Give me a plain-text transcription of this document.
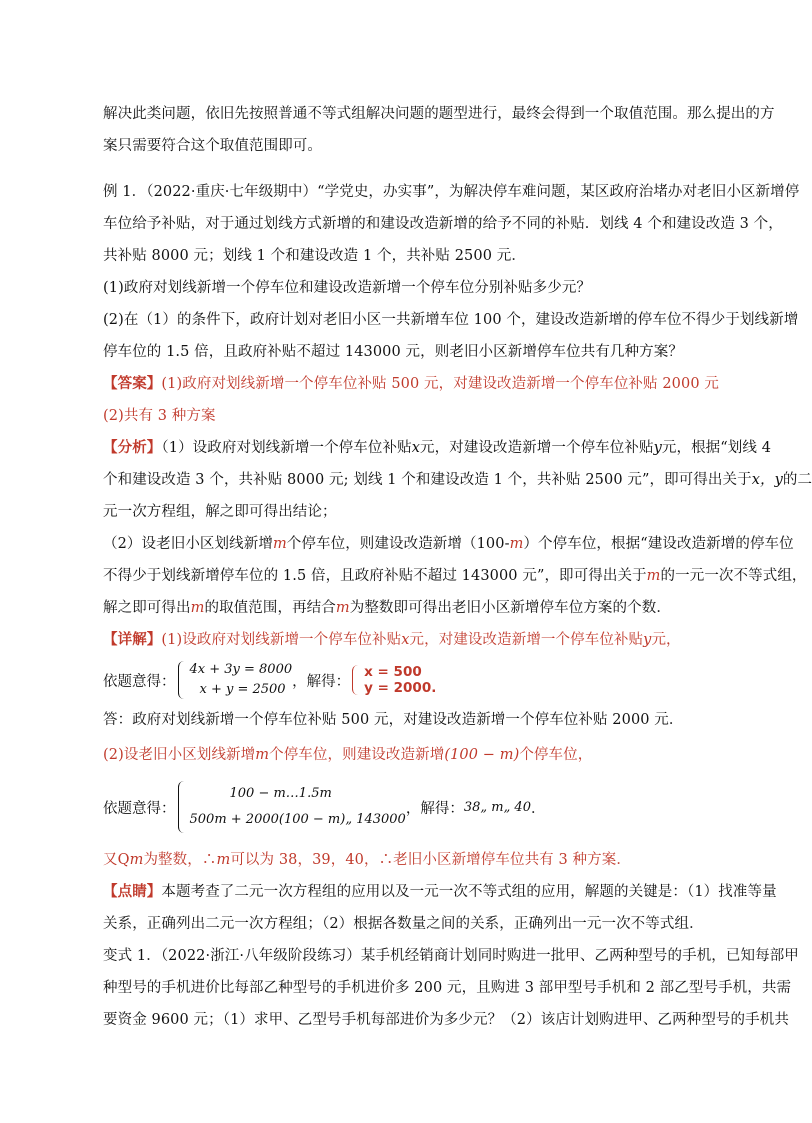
解决此类问题，依旧先按照普通不等式组解决问题的题型进行，最终会得到一个取值范围。那么提出的方

案只需要符合这个取值范围即可。

例 1．（2022·重庆·七年级期中）“学党史，办实事”，为解决停车难问题，某区政府治堵办对老旧小区新增停

车位给予补贴，对于通过划线方式新增的和建设改造新增的给予不同的补贴．划线 4 个和建设改造 3 个，

共补贴 8000 元；划线 1 个和建设改造 1 个，共补贴 2500 元．

(1)政府对划线新增一个停车位和建设改造新增一个停车位分别补贴多少元？

(2)在（1）的条件下，政府计划对老旧小区一共新增车位 100 个，建设改造新增的停车位不得少于划线新增

停车位的 1.5 倍，且政府补贴不超过 143000 元，则老旧小区新增停车位共有几种方案？

【答案】(1)政府对划线新增一个停车位补贴 500 元，对建设改造新增一个停车位补贴 2000 元

(2)共有 3 种方案

【分析】（1）设政府对划线新增一个停车位补贴x元，对建设改造新增一个停车位补贴y元，根据“划线 4

个和建设改造 3 个，共补贴 8000 元; 划线 1 个和建设改造 1 个，共补贴 2500 元”，即可得出关于x，y的二

元一次方程组，解之即可得出结论；

（2）设老旧小区划线新增m个停车位，则建设改造新增（100-m）个停车位，根据“建设改造新增的停车位

不得少于划线新增停车位的 1.5 倍，且政府补贴不超过 143000 元”，即可得出关于m的一元一次不等式组，

解之即可得出m的取值范围，再结合m为整数即可得出老旧小区新增停车位方案的个数．

【详解】(1)设政府对划线新增一个停车位补贴x元，对建设改造新增一个停车位补贴y元，

依题意得：
4x + 3y = 8000
x + y = 2500 ，解得：
x = 500
y = 2000.

答：政府对划线新增一个停车位补贴 500 元，对建设改造新增一个停车位补贴 2000 元．

(2)设老旧小区划线新增m个停车位，则建设改造新增(100 − m)个停车位，

依题意得：
100 − m…1.5m
500m + 2000(100 − m)„ 143000
，解得： 38„ m„ 40 ．

又Qm为整数，∴m可以为 38，39，40，∴老旧小区新增停车位共有 3 种方案．

【点睛】本题考查了二元一次方程组的应用以及一元一次不等式组的应用，解题的关键是：（1）找准等量

关系，正确列出二元一次方程组；（2）根据各数量之间的关系，正确列出一元一次不等式组．

变式 1．（2022·浙江·八年级阶段练习）某手机经销商计划同时购进一批甲、乙两种型号的手机，已知每部甲

种型号的手机进价比每部乙种型号的手机进价多 200 元，且购进 3 部甲型号手机和 2 部乙型号手机，共需

要资金 9600 元；（1）求甲、乙型号手机每部进价为多少元？（2）该店计划购进甲、乙两种型号的手机共
